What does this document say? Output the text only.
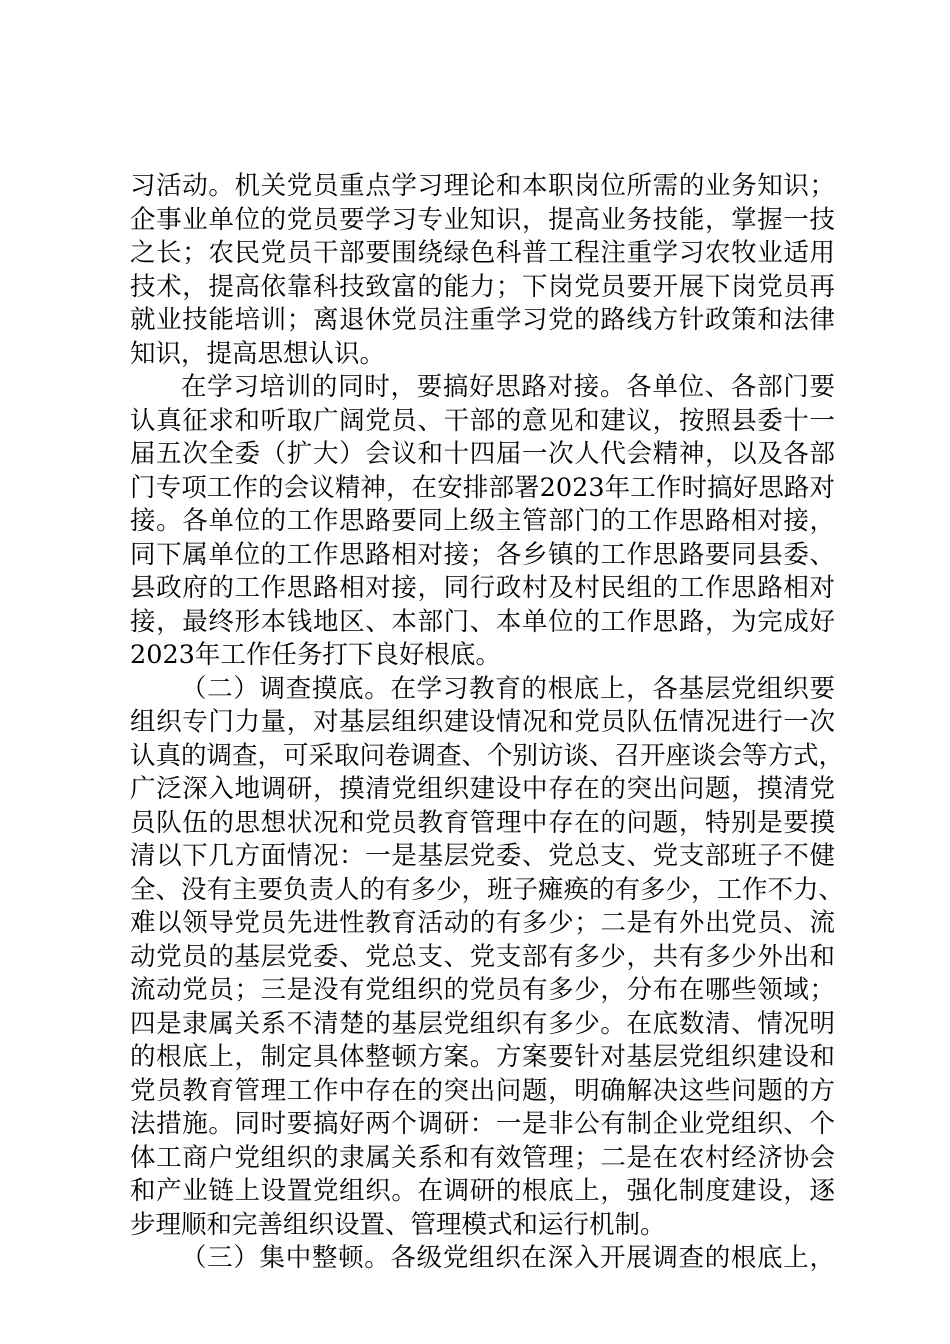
习活动。机关党员重点学习理论和本职岗位所需的业务知识；
企事业单位的党员要学习专业知识，提高业务技能，掌握一技
之长；农民党员干部要围绕绿色科普工程注重学习农牧业适用
技术，提高依靠科技致富的能力；下岗党员要开展下岗党员再
就业技能培训；离退休党员注重学习党的路线方针政策和法律
知识，提高思想认识。
在学习培训的同时，要搞好思路对接。各单位、各部门要
认真征求和听取广阔党员、干部的意见和建议，按照县委十一
届五次全委（扩大）会议和十四届一次人代会精神，以及各部
门专项工作的会议精神，在安排部署2023年工作时搞好思路对
接。各单位的工作思路要同上级主管部门的工作思路相对接，
同下属单位的工作思路相对接；各乡镇的工作思路要同县委、
县政府的工作思路相对接，同行政村及村民组的工作思路相对
接，最终形本钱地区、本部门、本单位的工作思路，为完成好
2023年工作任务打下良好根底。
（二）调查摸底。在学习教育的根底上，各基层党组织要
组织专门力量，对基层组织建设情况和党员队伍情况进行一次
认真的调查，可采取问卷调查、个别访谈、召开座谈会等方式，
广泛深入地调研，摸清党组织建设中存在的突出问题，摸清党
员队伍的思想状况和党员教育管理中存在的问题，特别是要摸
清以下几方面情况：一是基层党委、党总支、党支部班子不健
全、没有主要负责人的有多少，班子瘫痪的有多少，工作不力、
难以领导党员先进性教育活动的有多少；二是有外出党员、流
动党员的基层党委、党总支、党支部有多少，共有多少外出和
流动党员；三是没有党组织的党员有多少，分布在哪些领域；
四是隶属关系不清楚的基层党组织有多少。在底数清、情况明
的根底上，制定具体整顿方案。方案要针对基层党组织建设和
党员教育管理工作中存在的突出问题，明确解决这些问题的方
法措施。同时要搞好两个调研：一是非公有制企业党组织、个
体工商户党组织的隶属关系和有效管理；二是在农村经济协会
和产业链上设置党组织。在调研的根底上，强化制度建设，逐
步理顺和完善组织设置、管理模式和运行机制。
（三）集中整顿。各级党组织在深入开展调查的根底上，
